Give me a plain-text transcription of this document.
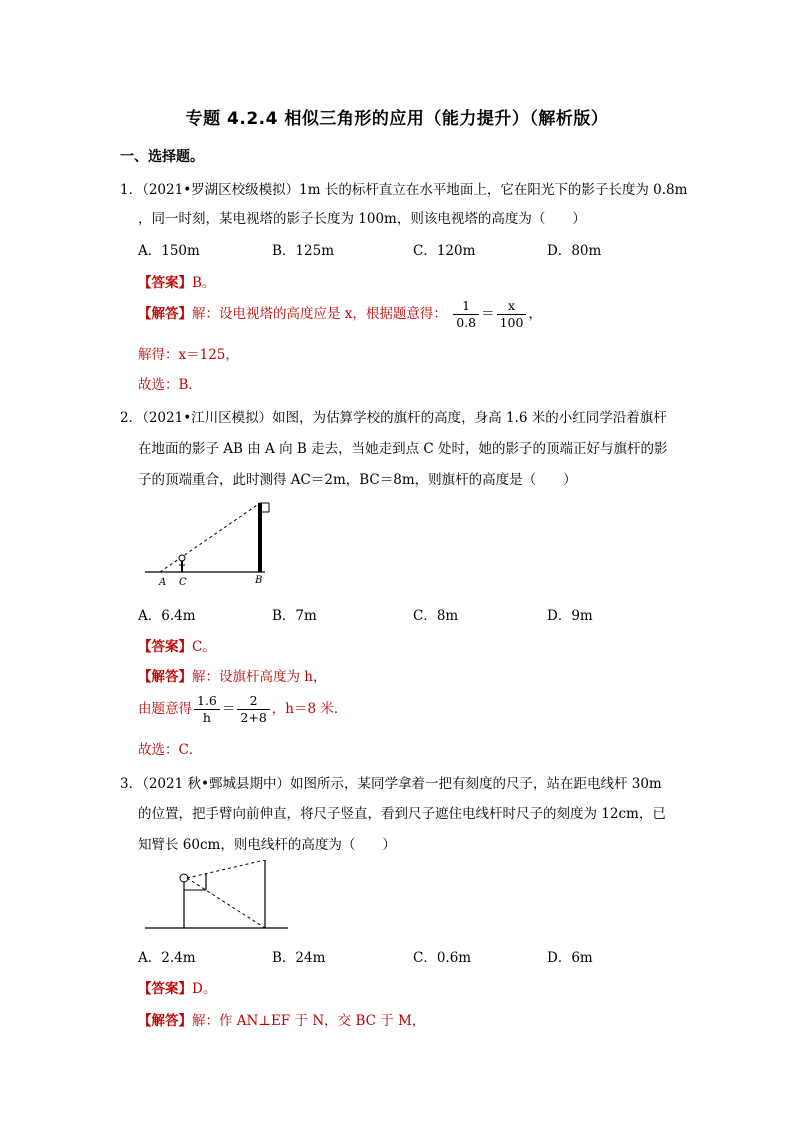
专题 4.2.4 相似三角形的应用（能力提升）（解析版）
一、选择题。
1．（2021•罗湖区校级模拟）1m 长的标杆直立在水平地面上，它在阳光下的影子长度为 0.8m
，同一时刻，某电视塔的影子长度为 100m，则该电视塔的高度为（　　）
A．150m	B．125m	C．120m	D．80m
【答案】B。
【解答】解：设电视塔的高度应是 x，根据题意得： $\frac{1}{0.8} = \frac{x}{100}$ ，
解得：x＝125，
故选：B．
2．（2021•江川区模拟）如图，为估算学校的旗杆的高度，身高 1.6 米的小红同学沿着旗杆
在地面的影子 AB 由 A 向 B 走去，当她走到点 C 处时，她的影子的顶端正好与旗杆的影
子的顶端重合，此时测得 AC＝2m，BC＝8m，则旗杆的高度是（　　）
A C	B
A．6.4m	B．7m	C．8m	D．9m
【答案】C。
【解答】解：设旗杆高度为 h，
由题意得 $\frac{1.6}{h} = \frac{2}{2+8}$ ，h＝8 米．
故选：C．
3．（2021 秋•鄄城县期中）如图所示，某同学拿着一把有刻度的尺子，站在距电线杆 30m
的位置，把手臂向前伸直，将尺子竖直，看到尺子遮住电线杆时尺子的刻度为 12cm，已
知臂长 60cm，则电线杆的高度为（　　）
A．2.4m	B．24m	C．0.6m	D．6m
【答案】D。
【解答】解：作 AN⊥EF 于 N，交 BC 于 M，
